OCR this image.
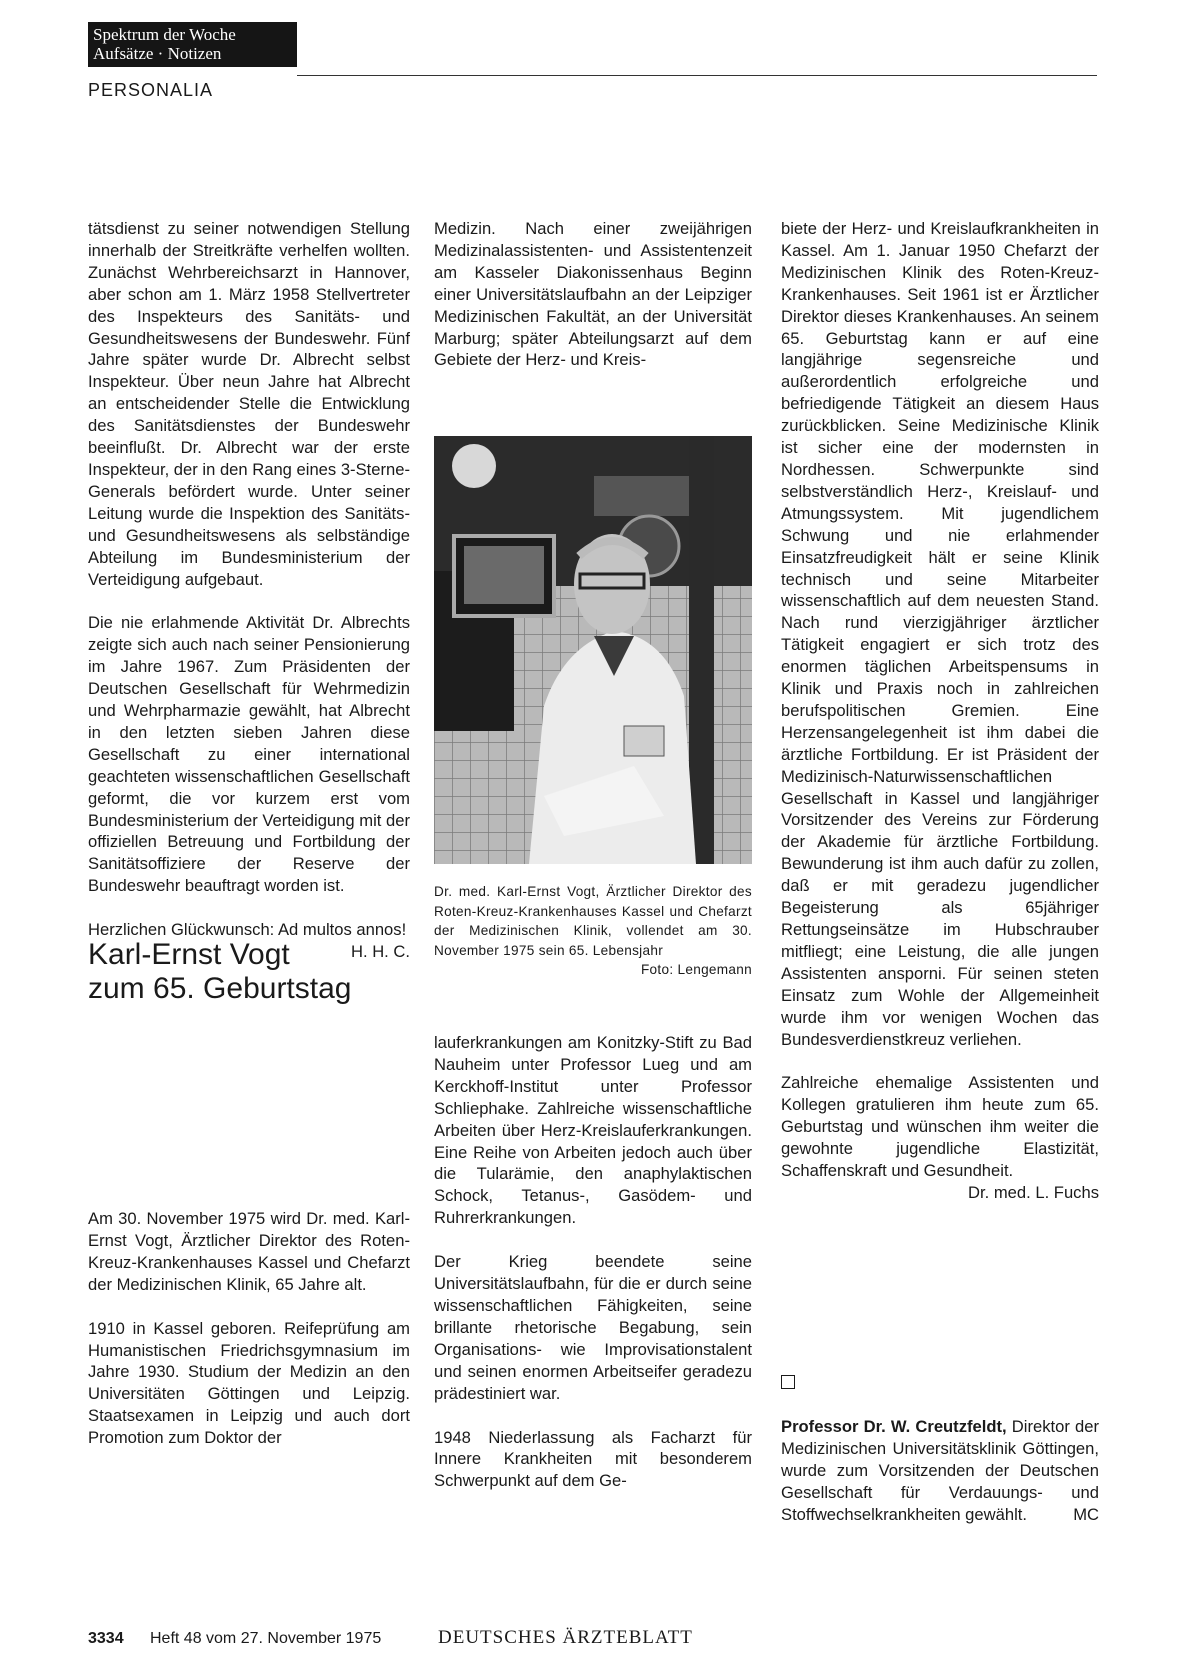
Spektrum der Woche
Aufsätze · Notizen
PERSONALIA

tätsdienst zu seiner notwendigen Stellung innerhalb der Streitkräfte verhelfen wollten. Zunächst Wehrbereichsarzt in Hannover, aber schon am 1. März 1958 Stellvertreter des Inspekteurs des Sanitäts- und Gesundheitswesens der Bundeswehr. Fünf Jahre später wurde Dr. Albrecht selbst Inspekteur. Über neun Jahre hat Albrecht an entscheidender Stelle die Entwicklung des Sanitätsdienstes der Bundeswehr beeinflußt. Dr. Albrecht war der erste Inspekteur, der in den Rang eines 3-Sterne-Generals befördert wurde. Unter seiner Leitung wurde die Inspektion des Sanitäts- und Gesundheitswesens als selbständige Abteilung im Bundesministerium der Verteidigung aufgebaut.

Die nie erlahmende Aktivität Dr. Albrechts zeigte sich auch nach seiner Pensionierung im Jahre 1967. Zum Präsidenten der Deutschen Gesellschaft für Wehrmedizin und Wehrpharmazie gewählt, hat Albrecht in den letzten sieben Jahren diese Gesellschaft zu einer international geachteten wissenschaftlichen Gesellschaft geformt, die vor kurzem erst vom Bundesministerium der Verteidigung mit der offiziellen Betreuung und Fortbildung der Sanitätsoffiziere der Reserve der Bundeswehr beauftragt worden ist.

Herzlichen Glückwunsch: Ad multos annos!
H. H. C.

Karl-Ernst Vogt
zum 65. Geburtstag

Am 30. November 1975 wird Dr. med. Karl-Ernst Vogt, Ärztlicher Direktor des Roten-Kreuz-Krankenhauses Kassel und Chefarzt der Medizinischen Klinik, 65 Jahre alt.

1910 in Kassel geboren. Reifeprüfung am Humanistischen Friedrichsgymnasium im Jahre 1930. Studium der Medizin an den Universitäten Göttingen und Leipzig. Staatsexamen in Leipzig und auch dort Promotion zum Doktor der

Medizin. Nach einer zweijährigen Medizinalassistenten- und Assistentenzeit am Kasseler Diakonissenhaus Beginn einer Universitätslaufbahn an der Leipziger Medizinischen Fakultät, an der Universität Marburg; später Abteilungsarzt auf dem Gebiete der Herz- und Kreis-

Dr. med. Karl-Ernst Vogt, Ärztlicher Direktor des Roten-Kreuz-Krankenhauses Kassel und Chefarzt der Medizinischen Klinik, vollendet am 30. November 1975 sein 65. Lebensjahr
Foto: Lengemann

lauferkrankungen am Konitzky-Stift zu Bad Nauheim unter Professor Lueg und am Kerckhoff-Institut unter Professor Schliephake. Zahlreiche wissenschaftliche Arbeiten über Herz-Kreislauferkrankungen. Eine Reihe von Arbeiten jedoch auch über die Tularämie, den anaphylaktischen Schock, Tetanus-, Gasödem- und Ruhrerkrankungen.

Der Krieg beendete seine Universitätslaufbahn, für die er durch seine wissenschaftlichen Fähigkeiten, seine brillante rhetorische Begabung, sein Organisations- wie Improvisationstalent und seinen enormen Arbeitseifer geradezu prädestiniert war.

1948 Niederlassung als Facharzt für Innere Krankheiten mit besonderem Schwerpunkt auf dem Ge-

biete der Herz- und Kreislaufkrankheiten in Kassel. Am 1. Januar 1950 Chefarzt der Medizinischen Klinik des Roten-Kreuz-Krankenhauses. Seit 1961 ist er Ärztlicher Direktor dieses Krankenhauses. An seinem 65. Geburtstag kann er auf eine langjährige segensreiche und außerordentlich erfolgreiche und befriedigende Tätigkeit an diesem Haus zurückblicken. Seine Medizinische Klinik ist sicher eine der modernsten in Nordhessen. Schwerpunkte sind selbstverständlich Herz-, Kreislauf- und Atmungssystem. Mit jugendlichem Schwung und nie erlahmender Einsatzfreudigkeit hält er seine Klinik technisch und seine Mitarbeiter wissenschaftlich auf dem neuesten Stand. Nach rund vierzigjähriger ärztlicher Tätigkeit engagiert er sich trotz des enormen täglichen Arbeitspensums in Klinik und Praxis noch in zahlreichen berufspolitischen Gremien. Eine Herzensangelegenheit ist ihm dabei die ärztliche Fortbildung. Er ist Präsident der Medizinisch-Naturwissenschaftlichen Gesellschaft in Kassel und langjähriger Vorsitzender des Vereins zur Förderung der Akademie für ärztliche Fortbildung. Bewunderung ist ihm auch dafür zu zollen, daß er mit geradezu jugendlicher Begeisterung als 65jähriger Rettungseinsätze im Hubschrauber mitfliegt; eine Leistung, die alle jungen Assistenten ansporni. Für seinen steten Einsatz zum Wohle der Allgemeinheit wurde ihm vor wenigen Wochen das Bundesverdienstkreuz verliehen.

Zahlreiche ehemalige Assistenten und Kollegen gratulieren ihm heute zum 65. Geburtstag und wünschen ihm weiter die gewohnte jugendliche Elastizität, Schaffenskraft und Gesundheit.
Dr. med. L. Fuchs

Professor Dr. W. Creutzfeldt, Direktor der Medizinischen Universitätsklinik Göttingen, wurde zum Vorsitzenden der Deutschen Gesellschaft für Verdauungs- und Stoffwechselkrankheiten gewählt.	MC

3334 Heft 48 vom 27. November 1975	DEUTSCHES ÄRZTEBLATT
